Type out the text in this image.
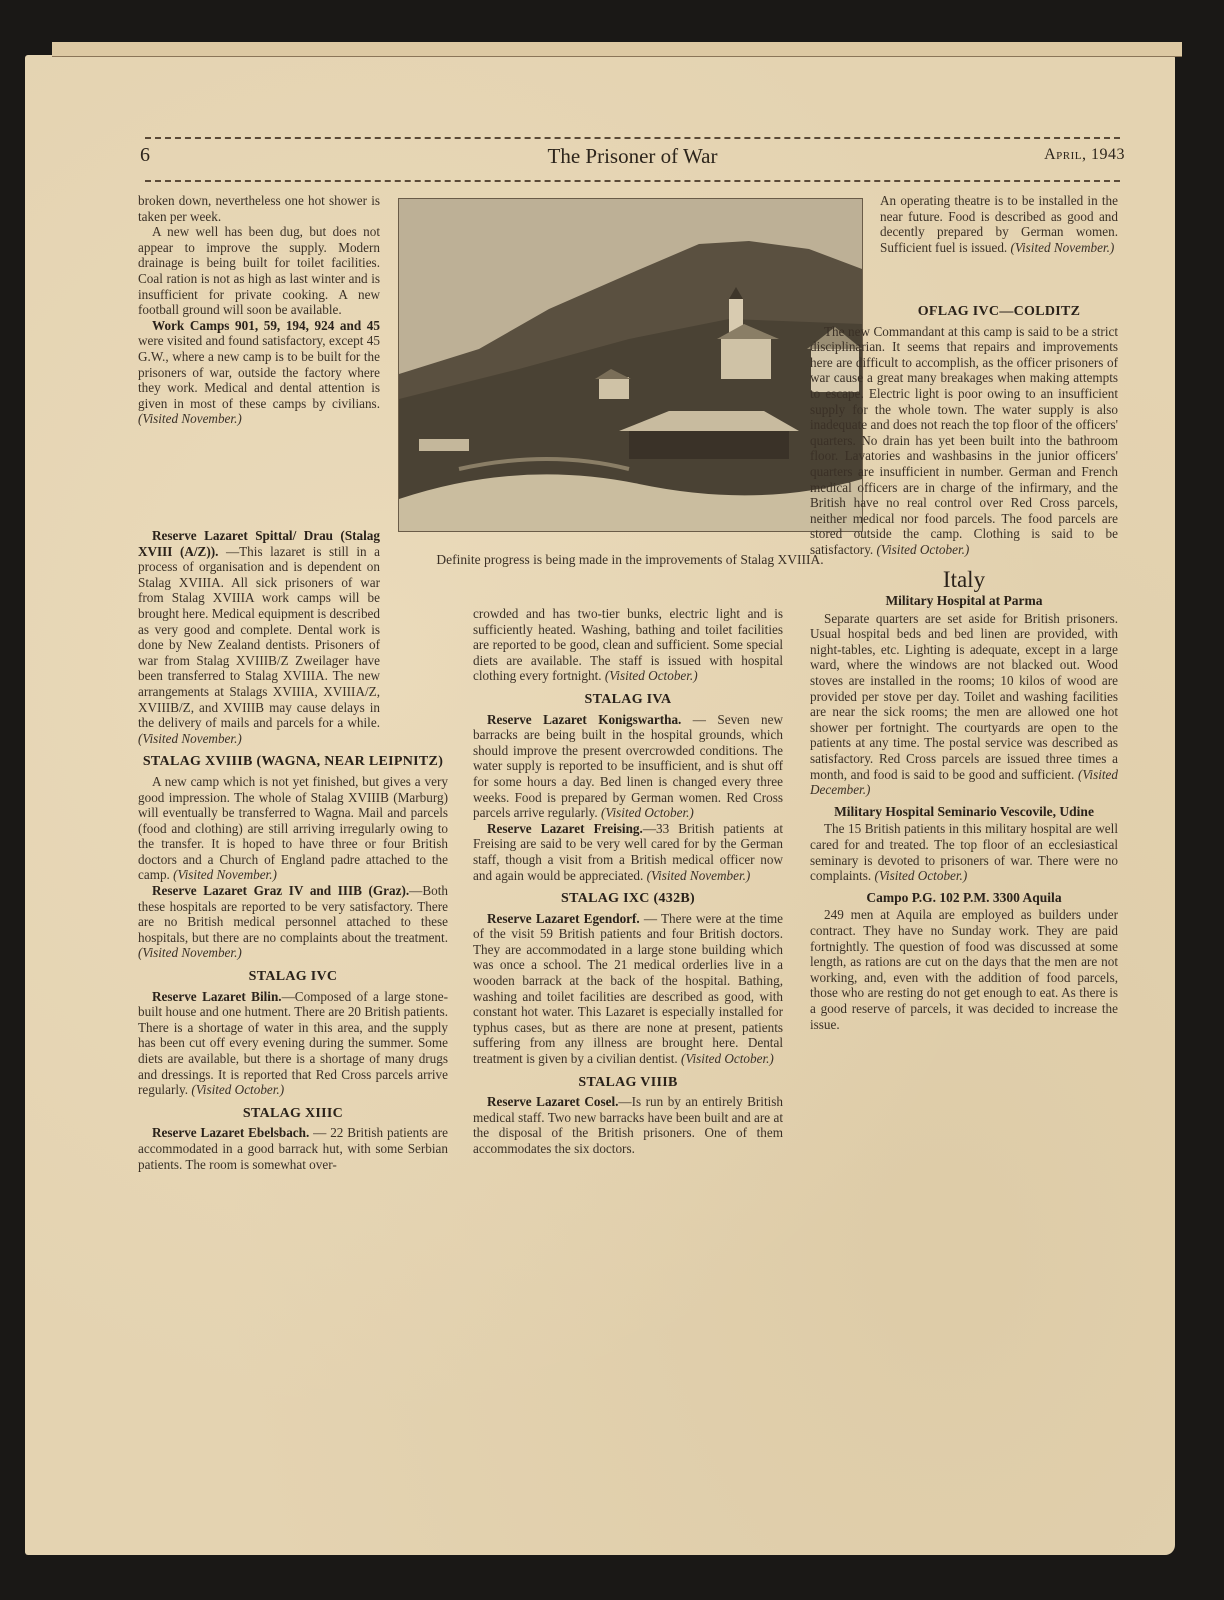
6	The Prisoner of War	April, 1943
Definite progress is being made in the improvements of Stalag XVIIIA.

broken down, nevertheless one hot shower is taken per week.

A new well has been dug, but does not appear to improve the supply. Modern drainage is being built for toilet facilities. Coal ration is not as high as last winter and is insufficient for private cooking. A new football ground will soon be available.

Work Camps 901, 59, 194, 924 and 45 were visited and found satisfactory, except 45 G.W., where a new camp is to be built for the prisoners of war, outside the factory where they work. Medical and dental attention is given in most of these camps by civilians. (Visited November.)

Reserve Lazaret Spittal/ Drau (Stalag XVIII (A/Z)). —This lazaret is still in a process of organisation and is dependent on Stalag XVIIIA. All sick prisoners of war from Stalag XVIIIA work camps will be brought here. Medical equipment is described as very good and complete. Dental work is done by New Zealand dentists. Prisoners of war from Stalag XVIIIB/Z Zweilager have been transferred to Stalag XVIIIA. The new arrangements at Stalags XVIIIA, XVIIIA/Z, XVIIIB/Z, and XVIIIB may cause delays in the delivery of mails and parcels for a while. (Visited November.)

STALAG XVIIIB (WAGNA, NEAR LEIPNITZ)

A new camp which is not yet finished, but gives a very good impression. The whole of Stalag XVIIIB (Marburg) will eventually be transferred to Wagna. Mail and parcels (food and clothing) are still arriving irregularly owing to the transfer. It is hoped to have three or four British doctors and a Church of England padre attached to the camp. (Visited November.)

Reserve Lazaret Graz IV and IIIB (Graz).—Both these hospitals are reported to be very satisfactory. There are no British medical personnel attached to these hospitals, but there are no complaints about the treatment. (Visited November.)

STALAG IVC

Reserve Lazaret Bilin.—Composed of a large stone-built house and one hutment. There are 20 British patients. There is a shortage of water in this area, and the supply has been cut off every evening during the summer. Some diets are available, but there is a shortage of many drugs and dressings. It is reported that Red Cross parcels arrive regularly. (Visited October.)

STALAG XIIIC

Reserve Lazaret Ebelsbach. — 22 British patients are accommodated in a good barrack hut, with some Serbian patients. The room is somewhat over-

crowded and has two-tier bunks, electric light and is sufficiently heated. Washing, bathing and toilet facilities are reported to be good, clean and sufficient. Some special diets are available. The staff is issued with hospital clothing every fortnight. (Visited October.)

STALAG IVA

Reserve Lazaret Konigswartha. — Seven new barracks are being built in the hospital grounds, which should improve the present overcrowded conditions. The water supply is reported to be insufficient, and is shut off for some hours a day. Bed linen is changed every three weeks. Food is prepared by German women. Red Cross parcels arrive regularly. (Visited October.)

Reserve Lazaret Freising.—33 British patients at Freising are said to be very well cared for by the German staff, though a visit from a British medical officer now and again would be appreciated. (Visited November.)

STALAG IXC (432B)

Reserve Lazaret Egendorf. — There were at the time of the visit 59 British patients and four British doctors. They are accommodated in a large stone building which was once a school. The 21 medical orderlies live in a wooden barrack at the back of the hospital. Bathing, washing and toilet facilities are described as good, with constant hot water. This Lazaret is especially installed for typhus cases, but as there are none at present, patients suffering from any illness are brought here. Dental treatment is given by a civilian dentist. (Visited October.)

STALAG VIIIB

Reserve Lazaret Cosel.—Is run by an entirely British medical staff. Two new barracks have been built and are at the disposal of the British prisoners. One of them accommodates the six doctors.

An operating theatre is to be installed in the near future. Food is described as good and decently prepared by German women. Sufficient fuel is issued. (Visited November.)

OFLAG IVC—COLDITZ

The new Commandant at this camp is said to be a strict disciplinarian. It seems that repairs and improvements here are difficult to accomplish, as the officer prisoners of war cause a great many breakages when making attempts to escape. Electric light is poor owing to an insufficient supply for the whole town. The water supply is also inadequate and does not reach the top floor of the officers' quarters. No drain has yet been built into the bathroom floor. Lavatories and washbasins in the junior officers' quarters are insufficient in number. German and French medical officers are in charge of the infirmary, and the British have no real control over Red Cross parcels, neither medical nor food parcels. The food parcels are stored outside the camp. Clothing is said to be satisfactory. (Visited October.)

Italy
Military Hospital at Parma

Separate quarters are set aside for British prisoners. Usual hospital beds and bed linen are provided, with night-tables, etc. Lighting is adequate, except in a large ward, where the windows are not blacked out. Wood stoves are installed in the rooms; 10 kilos of wood are provided per stove per day. Toilet and washing facilities are near the sick rooms; the men are allowed one hot shower per fortnight. The courtyards are open to the patients at any time. The postal service was described as satisfactory. Red Cross parcels are issued three times a month, and food is said to be good and sufficient. (Visited December.)

Military Hospital Seminario Vescovile, Udine

The 15 British patients in this military hospital are well cared for and treated. The top floor of an ecclesiastical seminary is devoted to prisoners of war. There were no complaints. (Visited October.)

Campo P.G. 102 P.M. 3300 Aquila

249 men at Aquila are employed as builders under contract. They have no Sunday work. They are paid fortnightly. The question of food was discussed at some length, as rations are cut on the days that the men are not working, and, even with the addition of food parcels, those who are resting do not get enough to eat. As there is a good reserve of parcels, it was decided to increase the issue.
